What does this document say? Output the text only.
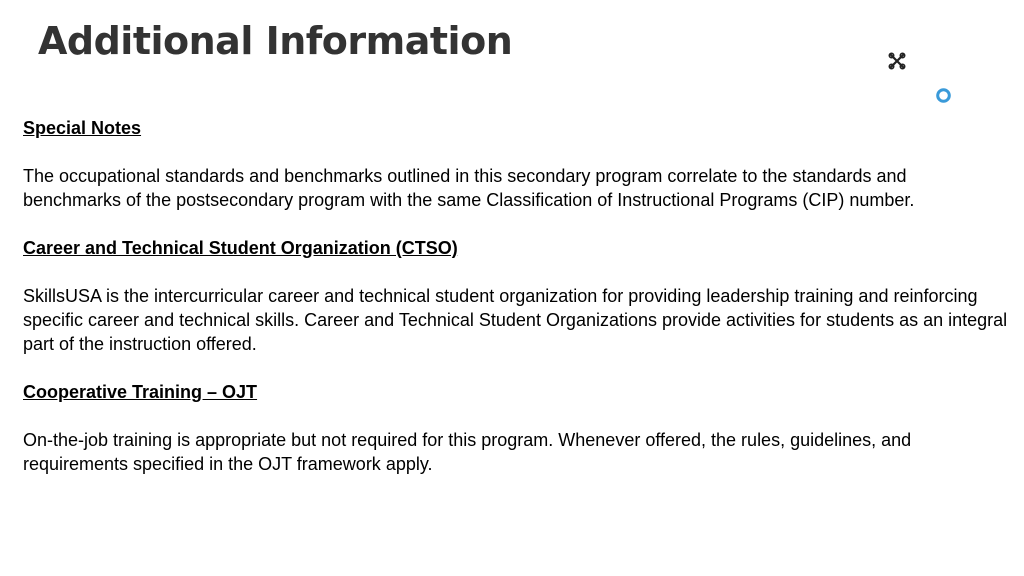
Additional Information

Special Notes

The occupational standards and benchmarks outlined in this secondary program correlate to the standards and benchmarks of the postsecondary program with the same Classification of Instructional Programs (CIP) number.

Career and Technical Student Organization (CTSO)

SkillsUSA is the intercurricular career and technical student organization for providing leadership training and reinforcing specific career and technical skills. Career and Technical Student Organizations provide activities for students as an integral part of the instruction offered.

Cooperative Training – OJT

On-the-job training is appropriate but not required for this program. Whenever offered, the rules, guidelines, and requirements specified in the OJT framework apply.
